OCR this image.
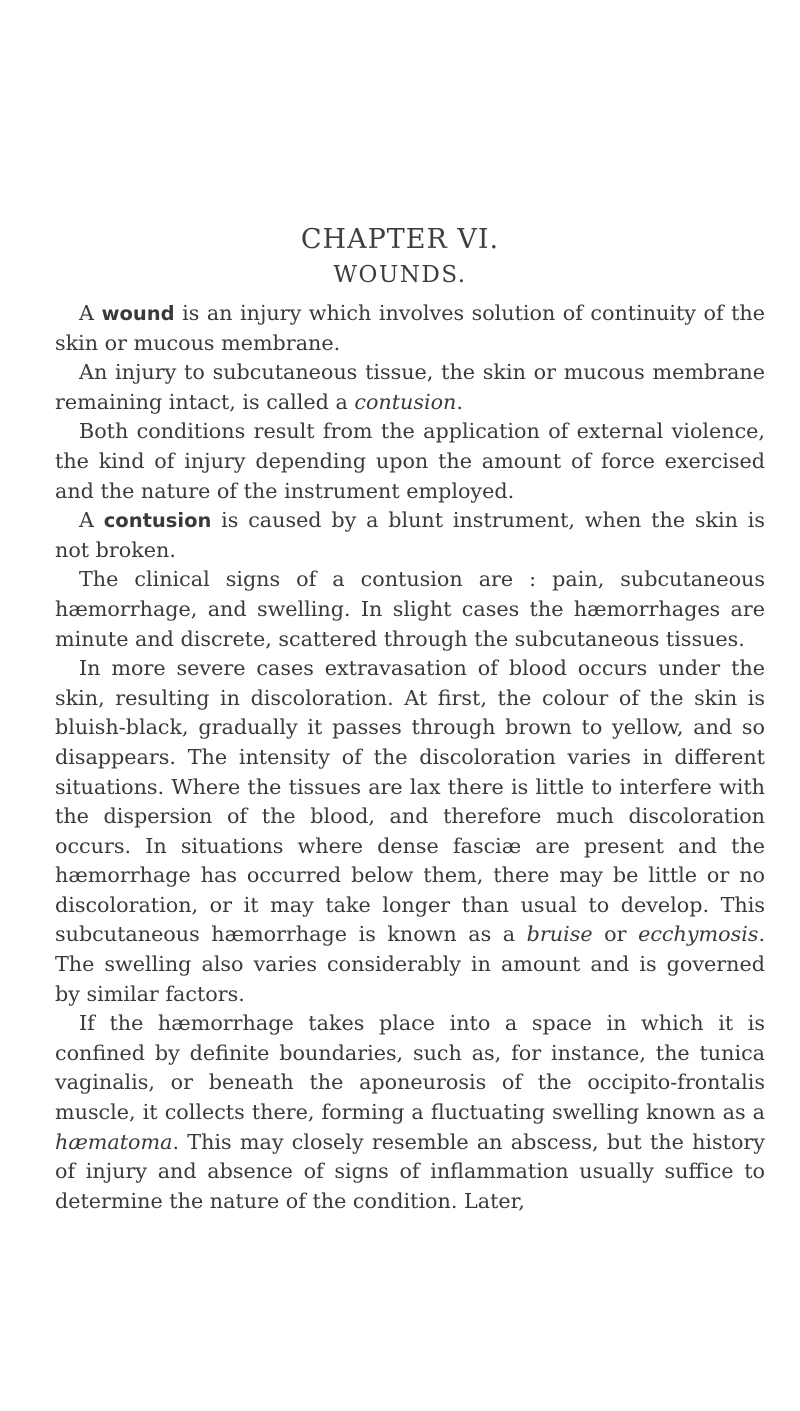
CHAPTER VI.
WOUNDS.

A wound is an injury which involves solution of continuity of the skin or mucous membrane.

An injury to subcutaneous tissue, the skin or mucous membrane remaining intact, is called a contusion.

Both conditions result from the application of external violence, the kind of injury depending upon the amount of force exercised and the nature of the instrument employed.

A contusion is caused by a blunt instrument, when the skin is not broken.

The clinical signs of a contusion are : pain, subcutaneous hæmorrhage, and swelling. In slight cases the hæmorrhages are minute and discrete, scattered through the subcutaneous tissues.

In more severe cases extravasation of blood occurs under the skin, resulting in discoloration. At first, the colour of the skin is bluish-black, gradually it passes through brown to yellow, and so disappears. The intensity of the discoloration varies in different situations. Where the tissues are lax there is little to interfere with the dispersion of the blood, and therefore much discoloration occurs. In situations where dense fasciæ are present and the hæmorrhage has occurred below them, there may be little or no discoloration, or it may take longer than usual to develop. This subcutaneous hæmorrhage is known as a bruise or ecchymosis. The swelling also varies considerably in amount and is governed by similar factors.

If the hæmorrhage takes place into a space in which it is confined by definite boundaries, such as, for instance, the tunica vaginalis, or beneath the aponeurosis of the occipito-frontalis muscle, it collects there, forming a fluctuating swelling known as a hæmatoma. This may closely resemble an abscess, but the history of injury and absence of signs of inflammation usually suffice to determine the nature of the condition. Later,
